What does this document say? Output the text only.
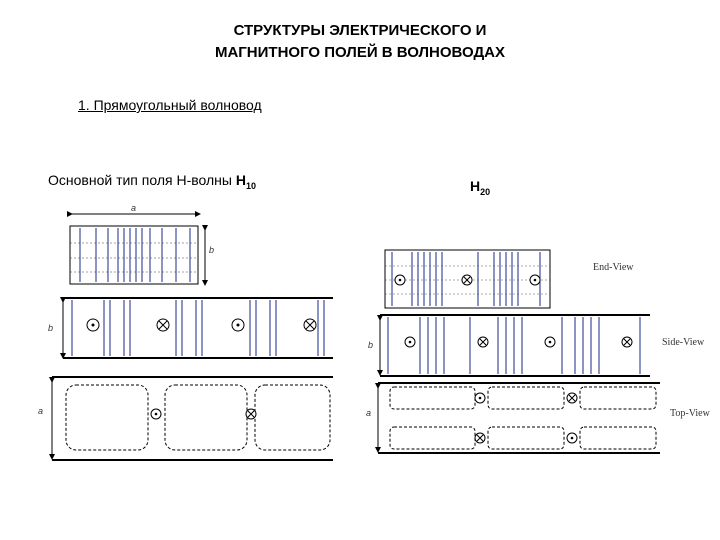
СТРУКТУРЫ ЭЛЕКТРИЧЕСКОГО И
МАГНИТНОГО ПОЛЕЙ В ВОЛНОВОДАХ
1. Прямоугольный волновод
Основной тип поля Н-волны $Н_{10}$	$H_{20}$
a
b
b
a
End-View
b	Side-View
a	Top-View
